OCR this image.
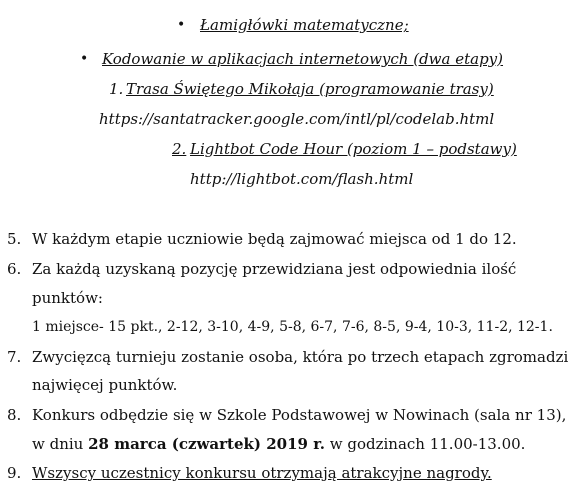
• Łamigłówki matematyczne;
• Kodowanie w aplikacjach internetowych (dwa etapy)
1. Trasa Świętego Mikołaja (programowanie trasy)
https://santatracker.google.com/intl/pl/codelab.html
2. Lightbot Code Hour (poziom 1 – podstawy)
http://lightbot.com/flash.html
5. W każdym etapie uczniowie będą zajmować miejsca od 1 do 12.
6. Za każdą uzyskaną pozycję przewidziana jest odpowiednia ilość
punktów:
1 miejsce- 15 pkt., 2-12, 3-10, 4-9, 5-8, 6-7, 7-6, 8-5, 9-4, 10-3, 11-2, 12-1.
7. Zwycięzcą turnieju zostanie osoba, która po trzech etapach zgromadzi
najwięcej punktów.
8. Konkurs odbędzie się w Szkole Podstawowej w Nowinach (sala nr 13),
w dniu 28 marca (czwartek) 2019 r. w godzinach 11.00-13.00.
9. Wszyscy uczestnicy konkursu otrzymają atrakcyjne nagrody.
